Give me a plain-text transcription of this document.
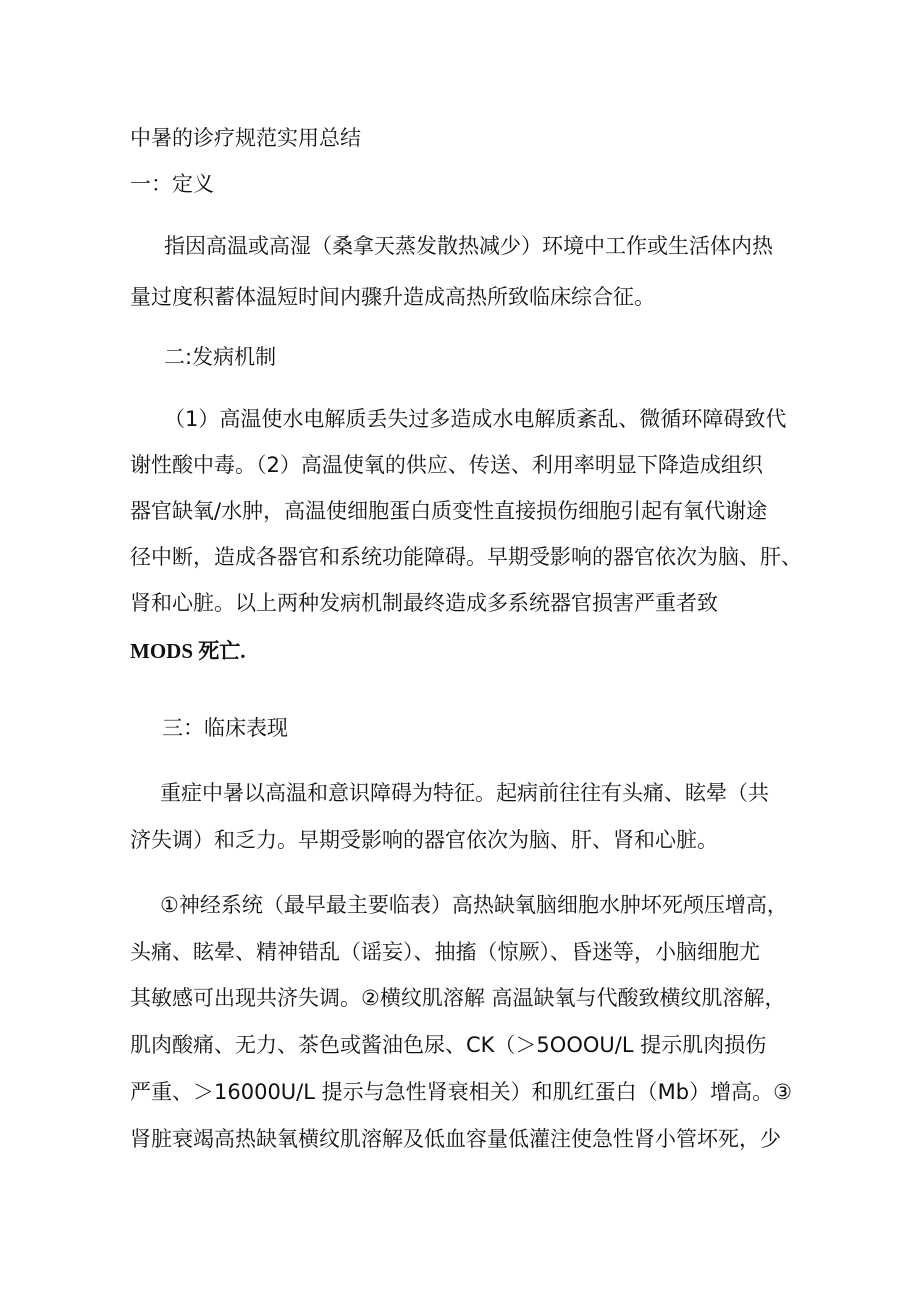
中暑的诊疗规范实用总结
一：定义
指因高温或高湿（桑拿天蒸发散热减少）环境中工作或生活体内热
量过度积蓄体温短时间内骤升造成高热所致临床综合征。
二:发病机制
（1）高温使水电解质丢失过多造成水电解质紊乱、微循环障碍致代
谢性酸中毒。（2）高温使氧的供应、传送、利用率明显下降造成组织
器官缺氧/水肿，高温使细胞蛋白质变性直接损伤细胞引起有氧代谢途
径中断，造成各器官和系统功能障碍。早期受影响的器官依次为脑、肝、
肾和心脏。以上两种发病机制最终造成多系统器官损害严重者致
MODS 死亡.
三：临床表现
重症中暑以高温和意识障碍为特征。起病前往往有头痛、眩晕（共
济失调）和乏力。早期受影响的器官依次为脑、肝、肾和心脏。
①神经系统（最早最主要临表）高热缺氧脑细胞水肿坏死颅压增高，
头痛、眩晕、精神错乱（谣妄）、抽搐（惊厥）、昏迷等，小脑细胞尤
其敏感可出现共济失调。②横纹肌溶解 高温缺氧与代酸致横纹肌溶解，
肌肉酸痛、无力、茶色或酱油色尿、CK（＞5OOOU/L 提示肌肉损伤
严重、＞16000U/L 提示与急性肾衰相关）和肌红蛋白（Mb）增高。③
肾脏衰竭高热缺氧横纹肌溶解及低血容量低灌注使急性肾小管坏死，少
